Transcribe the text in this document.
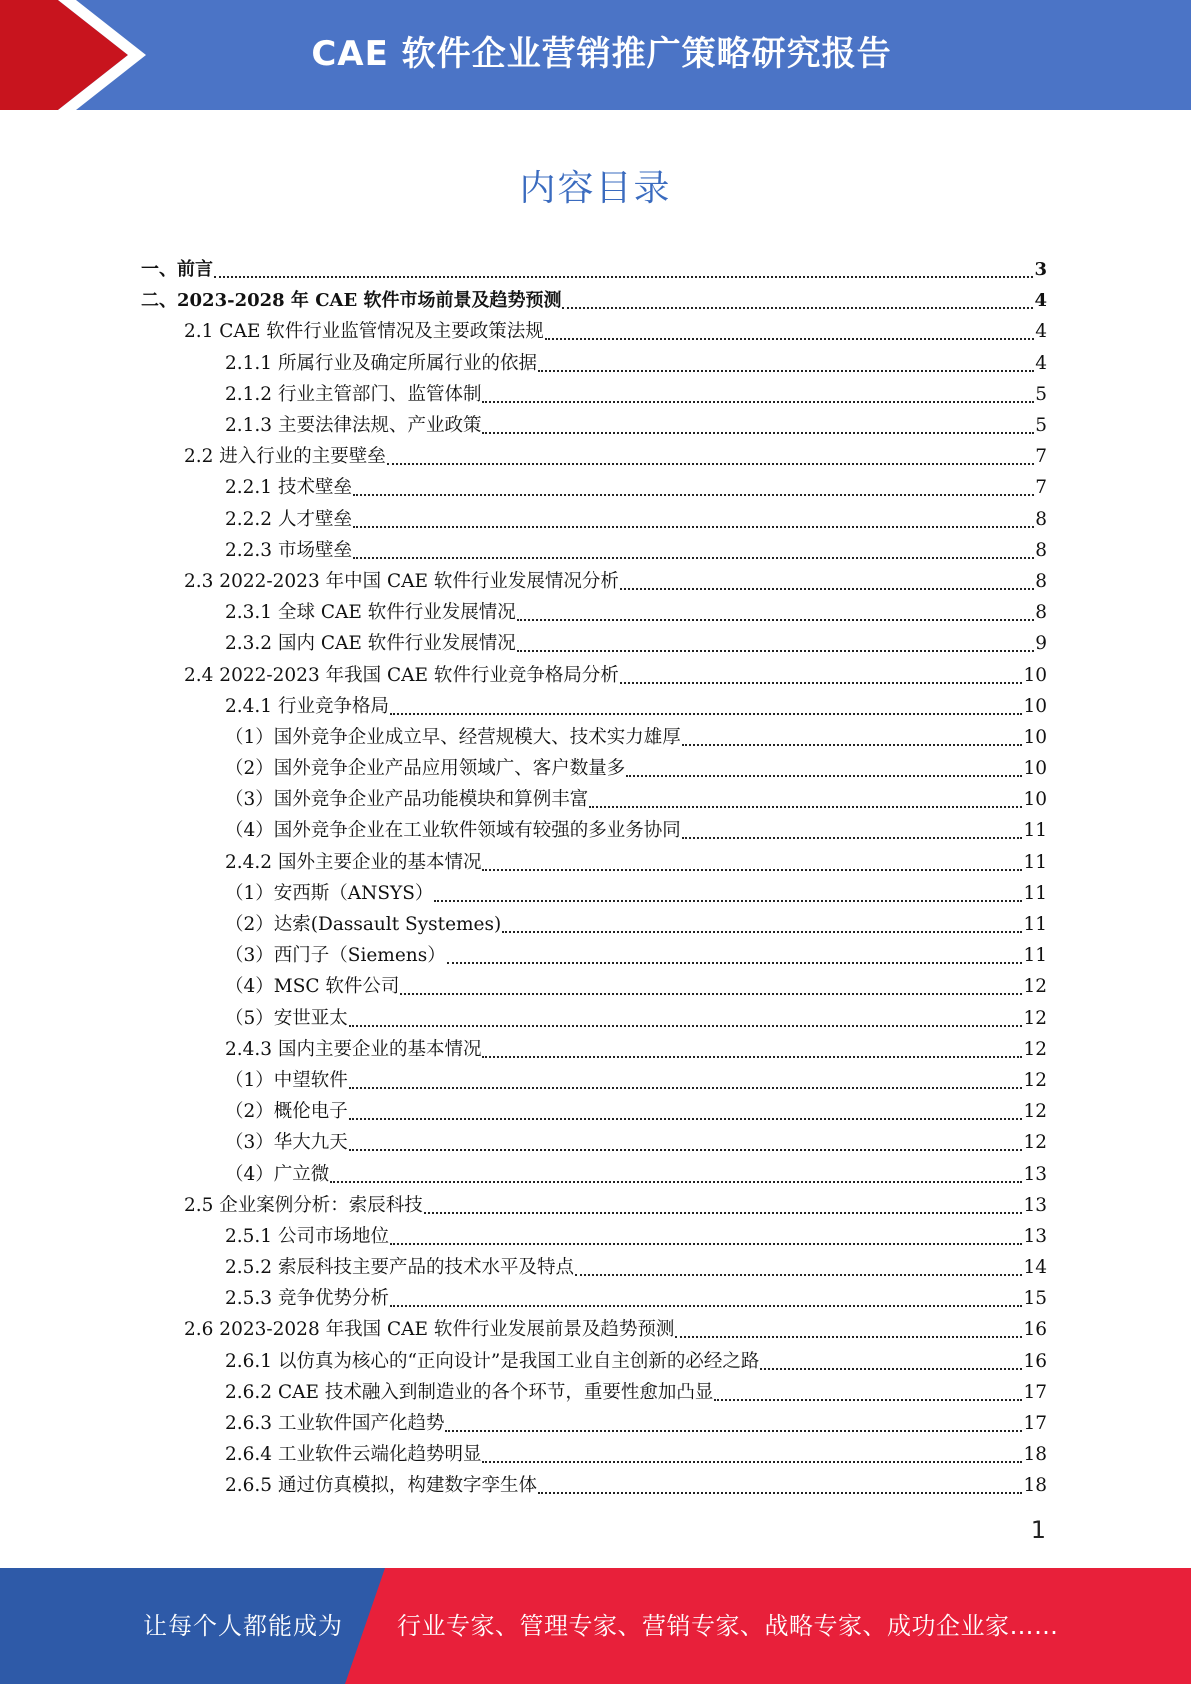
CAE 软件企业营销推广策略研究报告
内容目录
一、前言	3
二、2023-2028 年 CAE 软件市场前景及趋势预测	4
2.1 CAE 软件行业监管情况及主要政策法规	4
2.1.1 所属行业及确定所属行业的依据	4
2.1.2 行业主管部门、监管体制	5
2.1.3 主要法律法规、产业政策	5
2.2 进入行业的主要壁垒	7
2.2.1 技术壁垒	7
2.2.2 人才壁垒	8
2.2.3 市场壁垒	8
2.3 2022-2023 年中国 CAE 软件行业发展情况分析	8
2.3.1 全球 CAE 软件行业发展情况	8
2.3.2 国内 CAE 软件行业发展情况	9
2.4 2022-2023 年我国 CAE 软件行业竞争格局分析	10
2.4.1 行业竞争格局	10
（1）国外竞争企业成立早、经营规模大、技术实力雄厚	10
（2）国外竞争企业产品应用领域广、客户数量多	10
（3）国外竞争企业产品功能模块和算例丰富	10
（4）国外竞争企业在工业软件领域有较强的多业务协同	11
2.4.2 国外主要企业的基本情况	11
（1）安西斯（ANSYS）	11
（2）达索(Dassault Systemes)	11
（3）西门子（Siemens）	11
（4）MSC 软件公司	12
（5）安世亚太	12
2.4.3 国内主要企业的基本情况	12
（1）中望软件	12
（2）概伦电子	12
（3）华大九天	12
（4）广立微	13
2.5 企业案例分析：索辰科技	13
2.5.1 公司市场地位	13
2.5.2 索辰科技主要产品的技术水平及特点	14
2.5.3 竞争优势分析	15
2.6 2023-2028 年我国 CAE 软件行业发展前景及趋势预测	16
2.6.1 以仿真为核心的“正向设计”是我国工业自主创新的必经之路	16
2.6.2 CAE 技术融入到制造业的各个环节，重要性愈加凸显	17
2.6.3 工业软件国产化趋势	17
2.6.4 工业软件云端化趋势明显	18
2.6.5 通过仿真模拟，构建数字孪生体	18
1
让每个人都能成为 行业专家、管理专家、营销专家、战略专家、成功企业家……
